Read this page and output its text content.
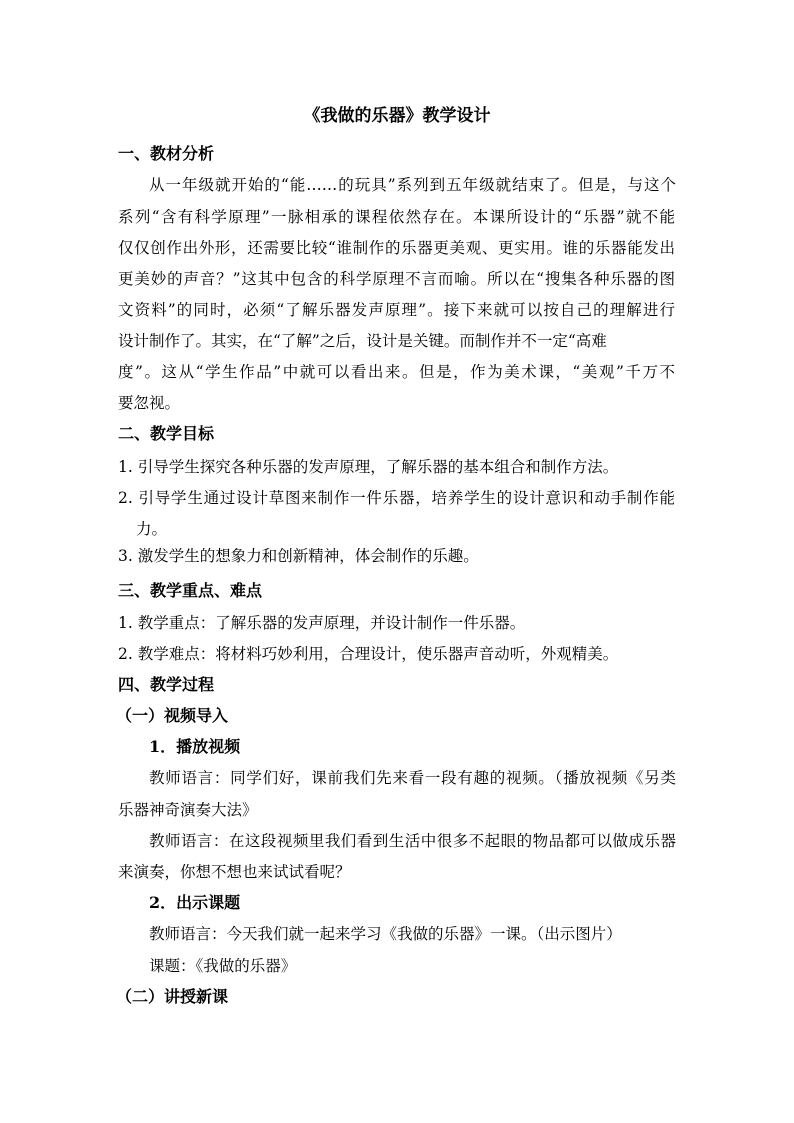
《我做的乐器》教学设计
一、教材分析
从一年级就开始的“能……的玩具”系列到五年级就结束了。但是，与这个
系列“含有科学原理”一脉相承的课程依然存在。本课所设计的“乐器”就不能
仅仅创作出外形，还需要比较“谁制作的乐器更美观、更实用。谁的乐器能发出
更美妙的声音？”这其中包含的科学原理不言而喻。所以在“搜集各种乐器的图
文资料”的同时，必须“了解乐器发声原理”。接下来就可以按自己的理解进行
设计制作了。其实，在“了解”之后，设计是关键。而制作并不一定“高难
度”。这从“学生作品”中就可以看出来。但是，作为美术课，“美观”千万不
要忽视。
二、教学目标
1. 引导学生探究各种乐器的发声原理，了解乐器的基本组合和制作方法。
2. 引导学生通过设计草图来制作一件乐器，培养学生的设计意识和动手制作能
力。
3. 激发学生的想象力和创新精神，体会制作的乐趣。
三、教学重点、难点
1. 教学重点：了解乐器的发声原理，并设计制作一件乐器。
2. 教学难点：将材料巧妙利用，合理设计，使乐器声音动听，外观精美。
四、教学过程
（一）视频导入
1．播放视频
教师语言：同学们好，课前我们先来看一段有趣的视频。（播放视频《另类
乐器神奇演奏大法》
教师语言：在这段视频里我们看到生活中很多不起眼的物品都可以做成乐器
来演奏，你想不想也来试试看呢？
2．出示课题
教师语言：今天我们就一起来学习《我做的乐器》一课。（出示图片）
课题：《我做的乐器》
（二）讲授新课
